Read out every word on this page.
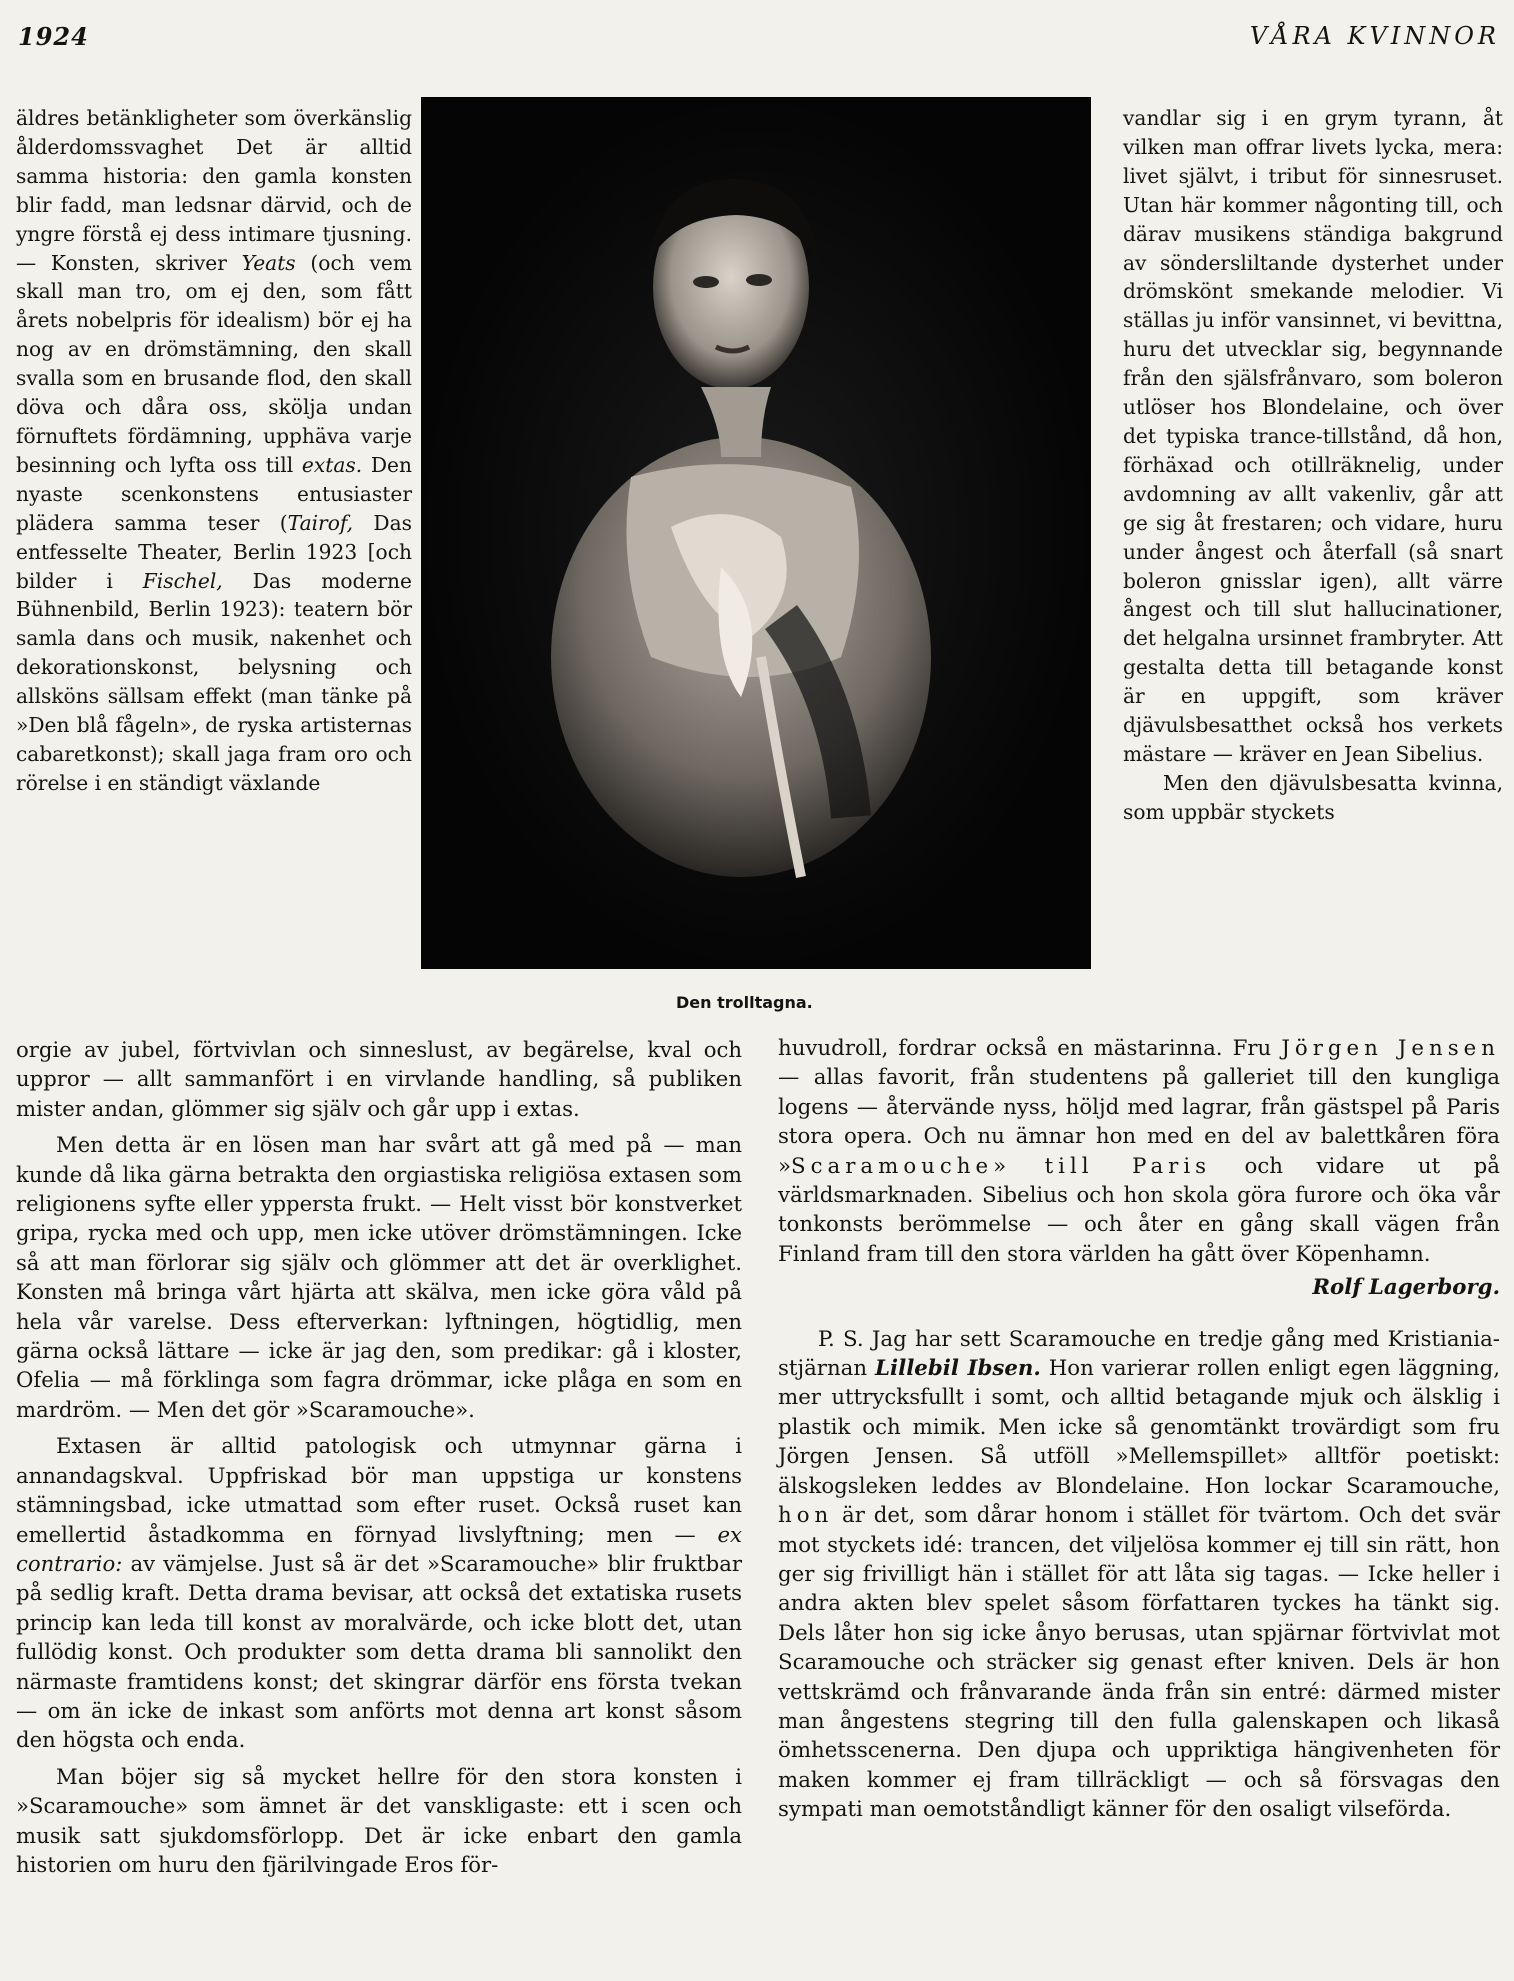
1924	VÅRA KVINNOR

äldres betänkligheter som överkänslig ålderdomssvaghet Det är alltid samma historia: den gamla konsten blir fadd, man ledsnar därvid, och de yngre förstå ej dess intimare tjusning. — Konsten, skriver Yeats (och vem skall man tro, om ej den, som fått årets nobelpris för idealism) bör ej ha nog av en drömstämning, den skall svalla som en brusande flod, den skall döva och dåra oss, skölja undan förnuftets fördämning, upphäva varje besinning och lyfta oss till extas. Den nyaste scenkonstens entusiaster plädera samma teser (Tairof, Das entfesselte Theater, Berlin 1923 [och bilder i Fischel, Das moderne Bühnenbild, Berlin 1923): teatern bör samla dans och musik, nakenhet och dekorationskonst, belysning och allsköns sällsam effekt (man tänke på »Den blå fågeln», de ryska artisternas cabaretkonst); skall jaga fram oro och rörelse i en ständigt växlande

Den trolltagna.

vandlar sig i en grym tyrann, åt vilken man offrar livets lycka, mera: livet självt, i tribut för sinnesruset. Utan här kommer någonting till, och därav musikens ständiga bakgrund av söndersliltande dysterhet under drömskönt smekande melodier. Vi ställas ju inför vansinnet, vi bevittna, huru det utvecklar sig, begynnande från den själsfrånvaro, som boleron utlöser hos Blondelaine, och över det typiska trance-tillstånd, då hon, förhäxad och otillräknelig, under avdomning av allt vakenliv, går att ge sig åt frestaren; och vidare, huru under ångest och återfall (så snart boleron gnisslar igen), allt värre ångest och till slut hallucinationer, det helgalna ursinnet frambryter. Att gestalta detta till betagande konst är en uppgift, som kräver djävulsbesatthet också hos verkets mästare — kräver en Jean Sibelius.

Men den djävulsbesatta kvinna, som uppbär styckets

orgie av jubel, förtvivlan och sinneslust, av begärelse, kval och uppror — allt sammanfört i en virvlande handling, så publiken mister andan, glömmer sig själv och går upp i extas.

Men detta är en lösen man har svårt att gå med på — man kunde då lika gärna betrakta den orgiastiska religiösa extasen som religionens syfte eller yppersta frukt. — Helt visst bör konstverket gripa, rycka med och upp, men icke utöver drömstämningen. Icke så att man förlorar sig själv och glömmer att det är overklighet. Konsten må bringa vårt hjärta att skälva, men icke göra våld på hela vår varelse. Dess efterverkan: lyftningen, högtidlig, men gärna också lättare — icke är jag den, som predikar: gå i kloster, Ofelia — må förklinga som fagra drömmar, icke plåga en som en mardröm. — Men det gör »Scaramouche».

Extasen är alltid patologisk och utmynnar gärna i annandagskval. Uppfriskad bör man uppstiga ur konstens stämningsbad, icke utmattad som efter ruset. Också ruset kan emellertid åstadkomma en förnyad livslyftning; men — ex contrario: av vämjelse. Just så är det »Scaramouche» blir fruktbar på sedlig kraft. Detta drama bevisar, att också det extatiska rusets princip kan leda till konst av moralvärde, och icke blott det, utan fullödig konst. Och produkter som detta drama bli sannolikt den närmaste framtidens konst; det skingrar därför ens första tvekan — om än icke de inkast som anförts mot denna art konst såsom den högsta och enda.

Man böjer sig så mycket hellre för den stora konsten i »Scaramouche» som ämnet är det vanskligaste: ett i scen och musik satt sjukdomsförlopp. Det är icke enbart den gamla historien om huru den fjärilvingade Eros för-

huvudroll, fordrar också en mästarinna. Fru Jörgen Jensen — allas favorit, från studentens på galleriet till den kungliga logens — återvände nyss, höljd med lagrar, från gästspel på Paris stora opera. Och nu ämnar hon med en del av balettkåren föra »Scaramouche» till Paris och vidare ut på världsmarknaden. Sibelius och hon skola göra furore och öka vår tonkonsts berömmelse — och åter en gång skall vägen från Finland fram till den stora världen ha gått över Köpenhamn.

Rolf Lagerborg.

P. S. Jag har sett Scaramouche en tredje gång med Kristiania-stjärnan Lillebil Ibsen. Hon varierar rollen enligt egen läggning, mer uttrycksfullt i somt, och alltid betagande mjuk och älsklig i plastik och mimik. Men icke så genomtänkt trovärdigt som fru Jörgen Jensen. Så utföll »Mellemspillet» alltför poetiskt: älskogsleken leddes av Blondelaine. Hon lockar Scaramouche, hon är det, som dårar honom i stället för tvärtom. Och det svär mot styckets idé: trancen, det viljelösa kommer ej till sin rätt, hon ger sig frivilligt hän i stället för att låta sig tagas. — Icke heller i andra akten blev spelet såsom författaren tyckes ha tänkt sig. Dels låter hon sig icke ånyo berusas, utan spjärnar förtvivlat mot Scaramouche och sträcker sig genast efter kniven. Dels är hon vettskrämd och frånvarande ända från sin entré: därmed mister man ångestens stegring till den fulla galenskapen och likaså ömhetsscenerna. Den djupa och uppriktiga hängivenheten för maken kommer ej fram tillräckligt — och så försvagas den sympati man oemotståndligt känner för den osaligt vilseförda.
